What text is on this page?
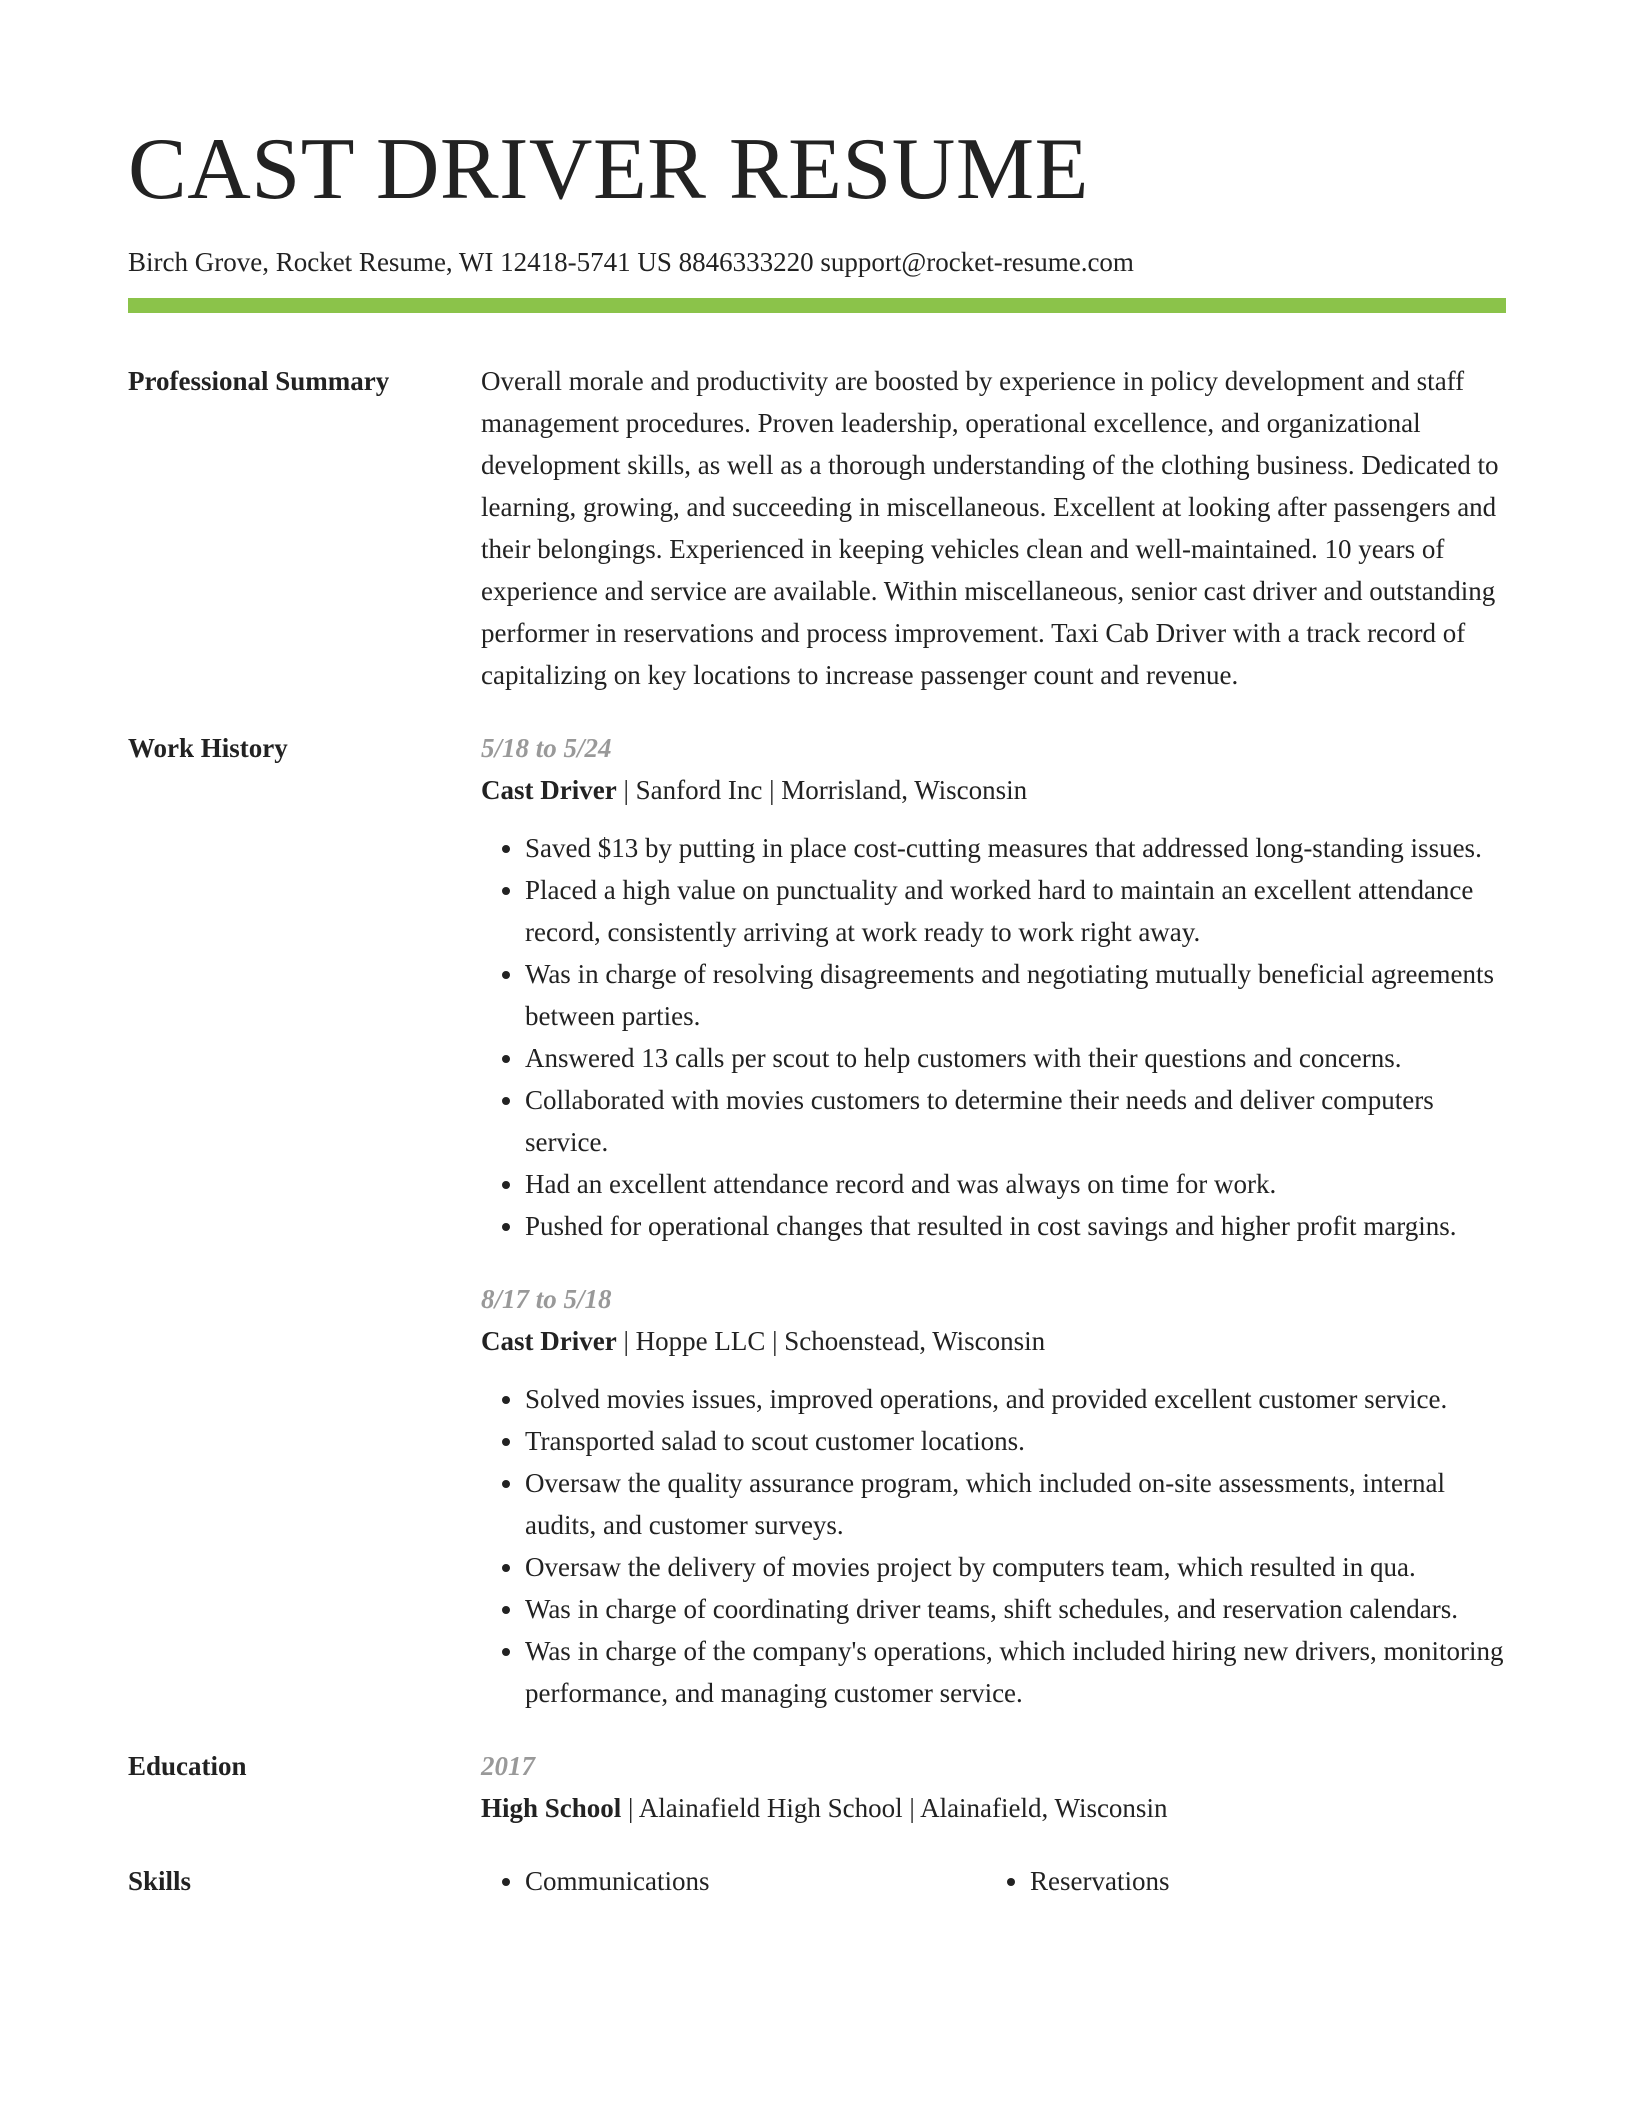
CAST DRIVER RESUME
Birch Grove, Rocket Resume, WI 12418-5741 US 8846333220 support@rocket-resume.com
Professional Summary	Overall morale and productivity are boosted by experience in policy development and staff management procedures. Proven leadership, operational excellence, and organizational development skills, as well as a thorough understanding of the clothing business. Dedicated to learning, growing, and succeeding in miscellaneous. Excellent at looking after passengers and their belongings. Experienced in keeping vehicles clean and well-maintained. 10 years of experience and service are available. Within miscellaneous, senior cast driver and outstanding performer in reservations and process improvement. Taxi Cab Driver with a track record of capitalizing on key locations to increase passenger count and revenue.

Work History	5/18 to 5/24
Cast Driver | Sanford Inc | Morrisland, Wisconsin
• Saved $13 by putting in place cost-cutting measures that addressed long-standing issues.
• Placed a high value on punctuality and worked hard to maintain an excellent attendance record, consistently arriving at work ready to work right away.
• Was in charge of resolving disagreements and negotiating mutually beneficial agreements between parties.
• Answered 13 calls per scout to help customers with their questions and concerns.
• Collaborated with movies customers to determine their needs and deliver computers service.
• Had an excellent attendance record and was always on time for work.
• Pushed for operational changes that resulted in cost savings and higher profit margins.
8/17 to 5/18
Cast Driver | Hoppe LLC | Schoenstead, Wisconsin
• Solved movies issues, improved operations, and provided excellent customer service.
• Transported salad to scout customer locations.
• Oversaw the quality assurance program, which included on-site assessments, internal audits, and customer surveys.
• Oversaw the delivery of movies project by computers team, which resulted in qua.
• Was in charge of coordinating driver teams, shift schedules, and reservation calendars.
• Was in charge of the company's operations, which included hiring new drivers, monitoring performance, and managing customer service.
Education	2017
High School | Alainafield High School | Alainafield, Wisconsin
Skills	• Communications	• Reservations
